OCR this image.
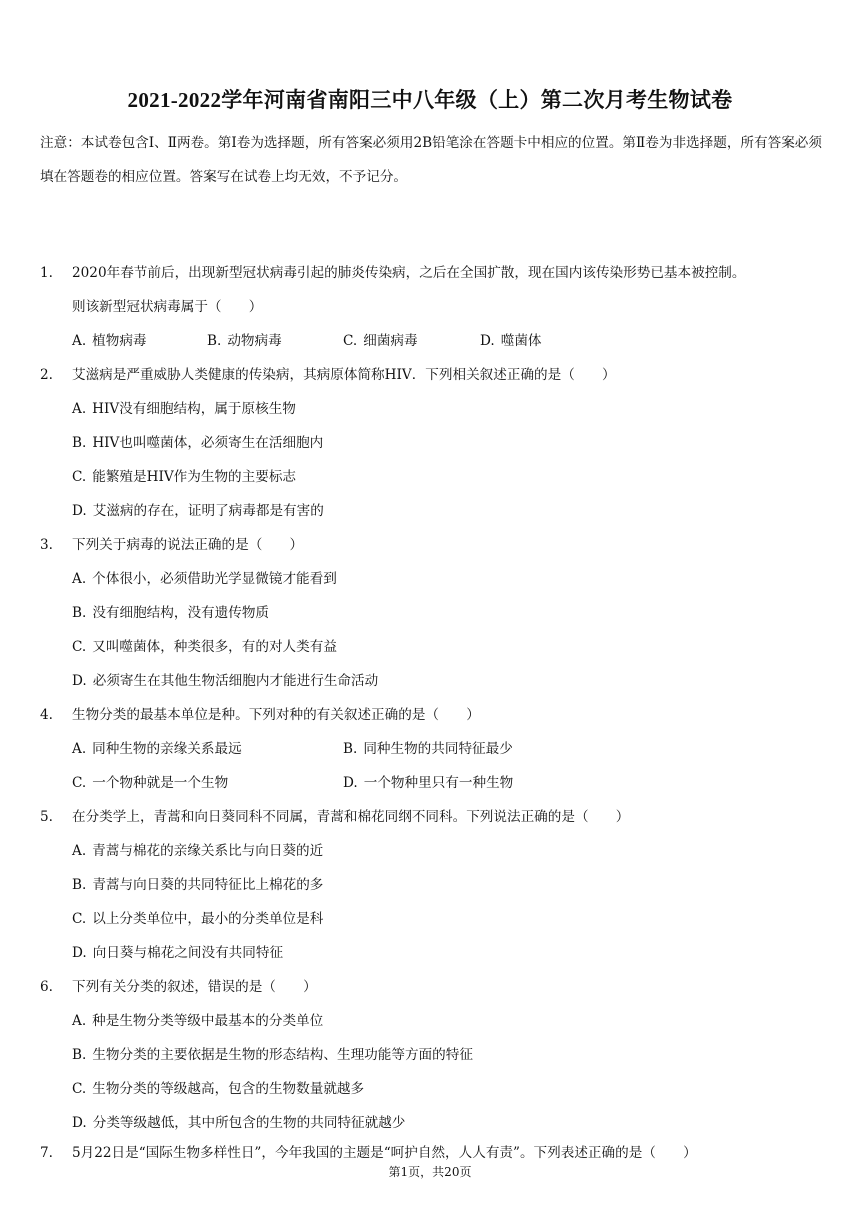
2021-2022学年河南省南阳三中八年级（上）第二次月考生物试卷
注意：本试卷包含Ⅰ、Ⅱ两卷。第Ⅰ卷为选择题，所有答案必须用2B铅笔涂在答题卡中相应的位置。第Ⅱ卷为非选择题，所有答案必须填在答题卷的相应位置。答案写在试卷上均无效，不予记分。
1.	2020年春节前后，出现新型冠状病毒引起的肺炎传染病，之后在全国扩散，现在国内该传染形势已基本被控制。
则该新型冠状病毒属于（　　）
A. 植物病毒	B. 动物病毒	C. 细菌病毒	D. 噬菌体
2.	艾滋病是严重威胁人类健康的传染病，其病原体简称HIV．下列相关叙述正确的是（　　）
A. HIV没有细胞结构，属于原核生物
B. HIV也叫噬菌体，必须寄生在活细胞内
C. 能繁殖是HIV作为生物的主要标志
D. 艾滋病的存在，证明了病毒都是有害的
3.	下列关于病毒的说法正确的是（　　）
A. 个体很小，必须借助光学显微镜才能看到
B. 没有细胞结构，没有遗传物质
C. 又叫噬菌体，种类很多，有的对人类有益
D. 必须寄生在其他生物活细胞内才能进行生命活动
4.	生物分类的最基本单位是种。下列对种的有关叙述正确的是（　　）
A. 同种生物的亲缘关系最远	B. 同种生物的共同特征最少
C. 一个物种就是一个生物	D. 一个物种里只有一种生物
5.	在分类学上，青蒿和向日葵同科不同属，青蒿和棉花同纲不同科。下列说法正确的是（　　）
A. 青蒿与棉花的亲缘关系比与向日葵的近
B. 青蒿与向日葵的共同特征比上棉花的多
C. 以上分类单位中，最小的分类单位是科
D. 向日葵与棉花之间没有共同特征
6.	下列有关分类的叙述，错误的是（　　）
A. 种是生物分类等级中最基本的分类单位
B. 生物分类的主要依据是生物的形态结构、生理功能等方面的特征
C. 生物分类的等级越高，包含的生物数量就越多
D. 分类等级越低，其中所包含的生物的共同特征就越少
7.	5月22日是“国际生物多样性日”，今年我国的主题是“呵护自然，人人有责”。下列表述正确的是（　　）
第1页，共20页
